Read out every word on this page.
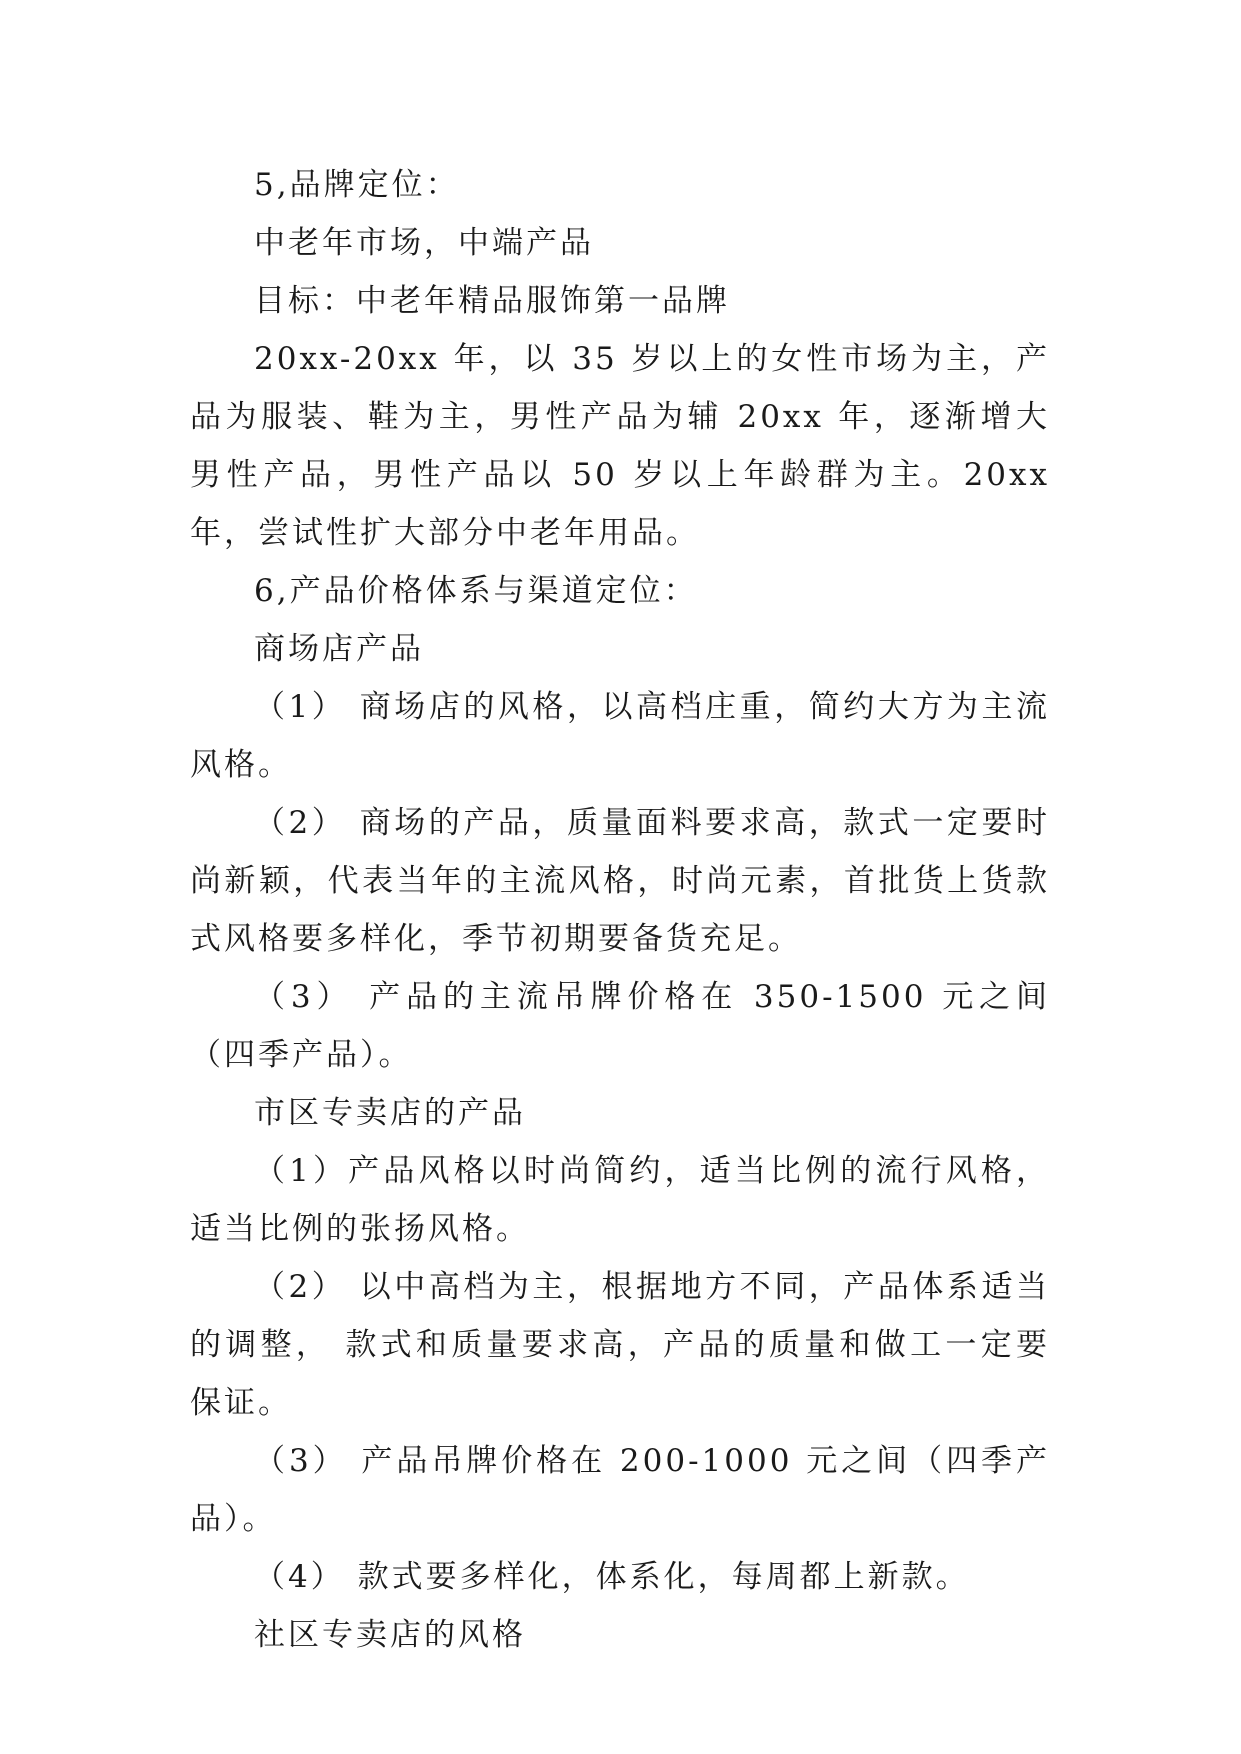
5,品牌定位：

中老年市场，中端产品

目标：中老年精品服饰第一品牌

20xx-20xx 年，以 35 岁以上的女性市场为主，产品为服装、鞋为主，男性产品为辅 20xx 年，逐渐增大男性产品，男性产品以 50 岁以上年龄群为主。20xx 年，尝试性扩大部分中老年用品。

6,产品价格体系与渠道定位：

商场店产品

（1） 商场店的风格，以高档庄重，简约大方为主流风格。

（2） 商场的产品，质量面料要求高，款式一定要时尚新颖，代表当年的主流风格，时尚元素，首批货上货款式风格要多样化，季节初期要备货充足。

（3） 产品的主流吊牌价格在 350-1500 元之间（四季产品）。

市区专卖店的产品

（1）产品风格以时尚简约，适当比例的流行风格，适当比例的张扬风格。

（2） 以中高档为主，根据地方不同，产品体系适当的调整， 款式和质量要求高，产品的质量和做工一定要保证。

（3） 产品吊牌价格在 200-1000 元之间（四季产品）。

（4） 款式要多样化，体系化，每周都上新款。

社区专卖店的风格
